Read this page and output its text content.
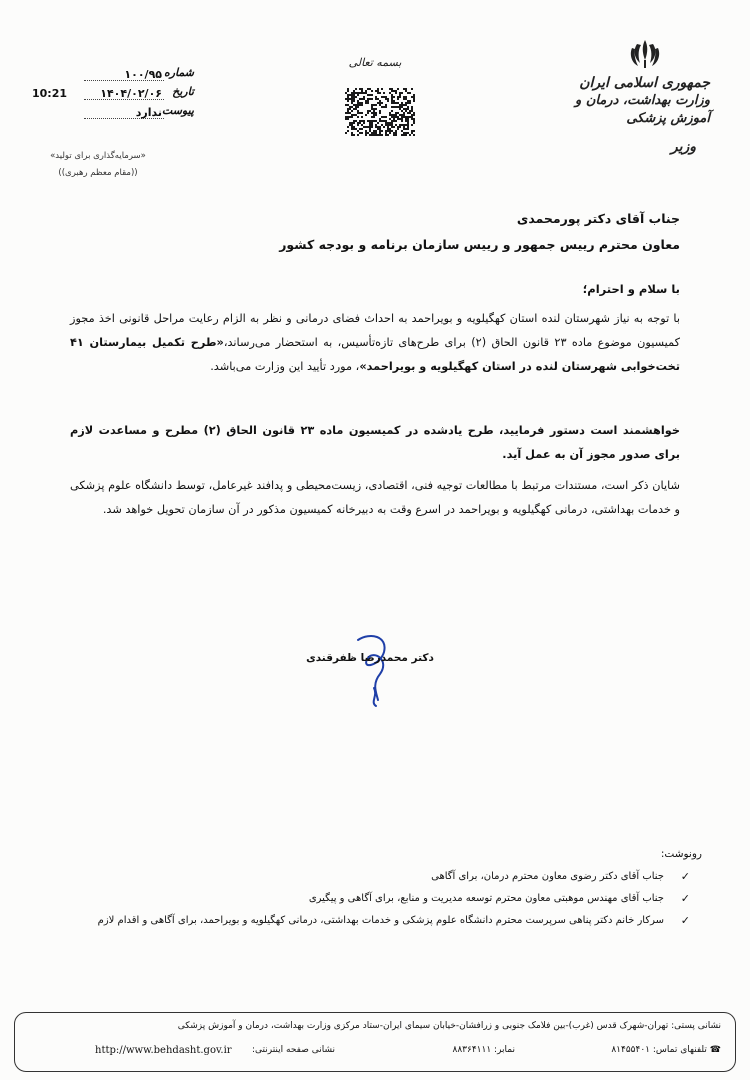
جمهوری اسلامی ایران
وزارت بهداشت، درمان و آموزش پزشکی
وزیر
بسمه تعالی
شماره
۱۰۰/۹۵
تاریخ
۱۴۰۴/۰۲/۰۶
10:21
پیوست
ندارد
«سرمایه‌گذاری برای تولید»
((مقام معظم رهبری))
جناب آقای دکتر پورمحمدی
معاون محترم رییس جمهور و رییس سازمان برنامه و بودجه کشور
با سلام و احترام؛
با توجه به نیاز شهرستان لنده استان کهگیلویه و بویراحمد به احداث فضای درمانی و نظر به الزام رعایت مراحل قانونی اخذ مجوز کمیسیون موضوع ماده ۲۳ قانون الحاق (۲) برای طرح‌های تازه‌تأسیس، به استحضار می‌رساند،«طرح تکمیل بیمارستان ۴۱ تخت‌خوابی شهرستان لنده در استان کهگیلویه و بویراحمد»، مورد تأیید این وزارت می‌باشد.
خواهشمند است دستور فرمایید، طرح یادشده در کمیسیون ماده ۲۳ قانون الحاق (۲) مطرح و مساعدت لازم برای صدور مجوز آن به عمل آید.
شایان ذکر است، مستندات مرتبط با مطالعات توجیه فنی، اقتصادی، زیست‌محیطی و پدافند غیرعامل، توسط دانشگاه علوم پزشکی و خدمات بهداشتی، درمانی کهگیلویه و بویراحمد در اسرع وقت به دبیرخانه کمیسیون مذکور در آن سازمان تحویل خواهد شد.
دکتر محمدرضا ظفرقندی
رونوشت:
✓
جناب آقای دکتر رضوی معاون محترم درمان، برای آگاهی
✓
جناب آقای مهندس موهبتی معاون محترم توسعه مدیریت و منابع، برای آگاهی و پیگیری
✓
سرکار خانم دکتر پناهی سرپرست محترم دانشگاه علوم پزشکی و خدمات بهداشتی، درمانی کهگیلویه و بویراحمد، برای آگاهی و اقدام لازم
نشانی پستی: تهران-شهرک قدس (غرب)-بین فلامک جنوبی و زرافشان-خیابان سیمای ایران-ستاد مرکزی وزارت بهداشت، درمان و آموزش پزشکی
☎ تلفنهای تماس: ۸۱۴۵۵۴۰۱
نمابر: ۸۸۳۶۴۱۱۱
نشانی صفحه اینترنتی:
http://www.behdasht.gov.ir
